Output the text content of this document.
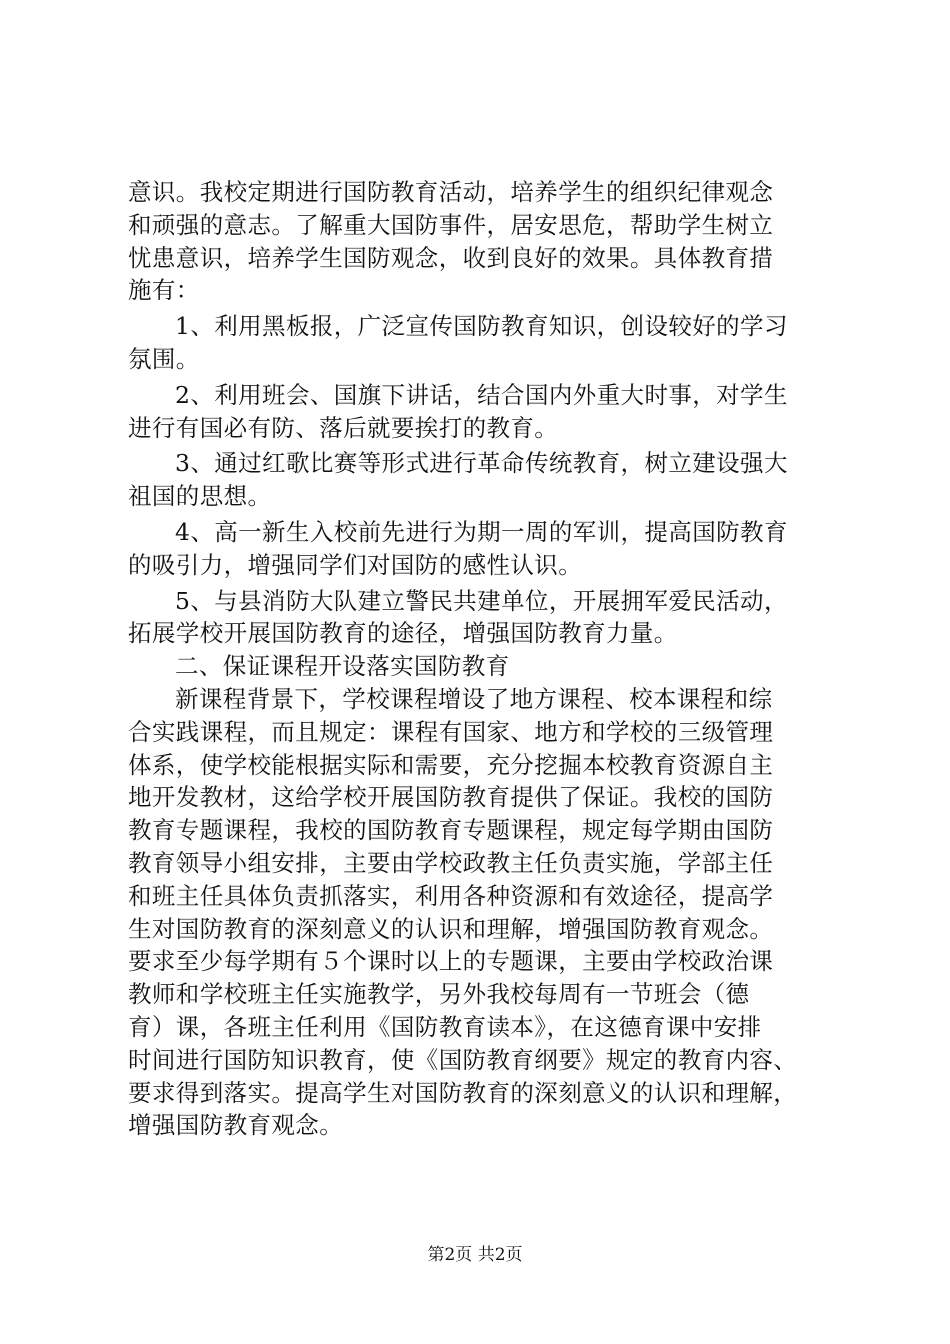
意识。我校定期进行国防教育活动，培养学生的组织纪律观念
和顽强的意志。了解重大国防事件，居安思危，帮助学生树立
忧患意识，培养学生国防观念，收到良好的效果。具体教育措
施有：
1、利用黑板报，广泛宣传国防教育知识，创设较好的学习
氛围。
2、利用班会、国旗下讲话，结合国内外重大时事，对学生
进行有国必有防、落后就要挨打的教育。
3、通过红歌比赛等形式进行革命传统教育，树立建设强大
祖国的思想。
4、高一新生入校前先进行为期一周的军训，提高国防教育
的吸引力，增强同学们对国防的感性认识。
5、与县消防大队建立警民共建单位，开展拥军爱民活动，
拓展学校开展国防教育的途径，增强国防教育力量。
二、保证课程开设落实国防教育
新课程背景下，学校课程增设了地方课程、校本课程和综
合实践课程，而且规定：课程有国家、地方和学校的三级管理
体系，使学校能根据实际和需要，充分挖掘本校教育资源自主
地开发教材，这给学校开展国防教育提供了保证。我校的国防
教育专题课程，我校的国防教育专题课程，规定每学期由国防
教育领导小组安排，主要由学校政教主任负责实施，学部主任
和班主任具体负责抓落实，利用各种资源和有效途径，提高学
生对国防教育的深刻意义的认识和理解，增强国防教育观念。
要求至少每学期有５个课时以上的专题课，主要由学校政治课
教师和学校班主任实施教学，另外我校每周有一节班会（德
育）课，各班主任利用《国防教育读本》，在这德育课中安排
时间进行国防知识教育，使《国防教育纲要》规定的教育内容、
要求得到落实。提高学生对国防教育的深刻意义的认识和理解，
增强国防教育观念。
第2页 共2页
